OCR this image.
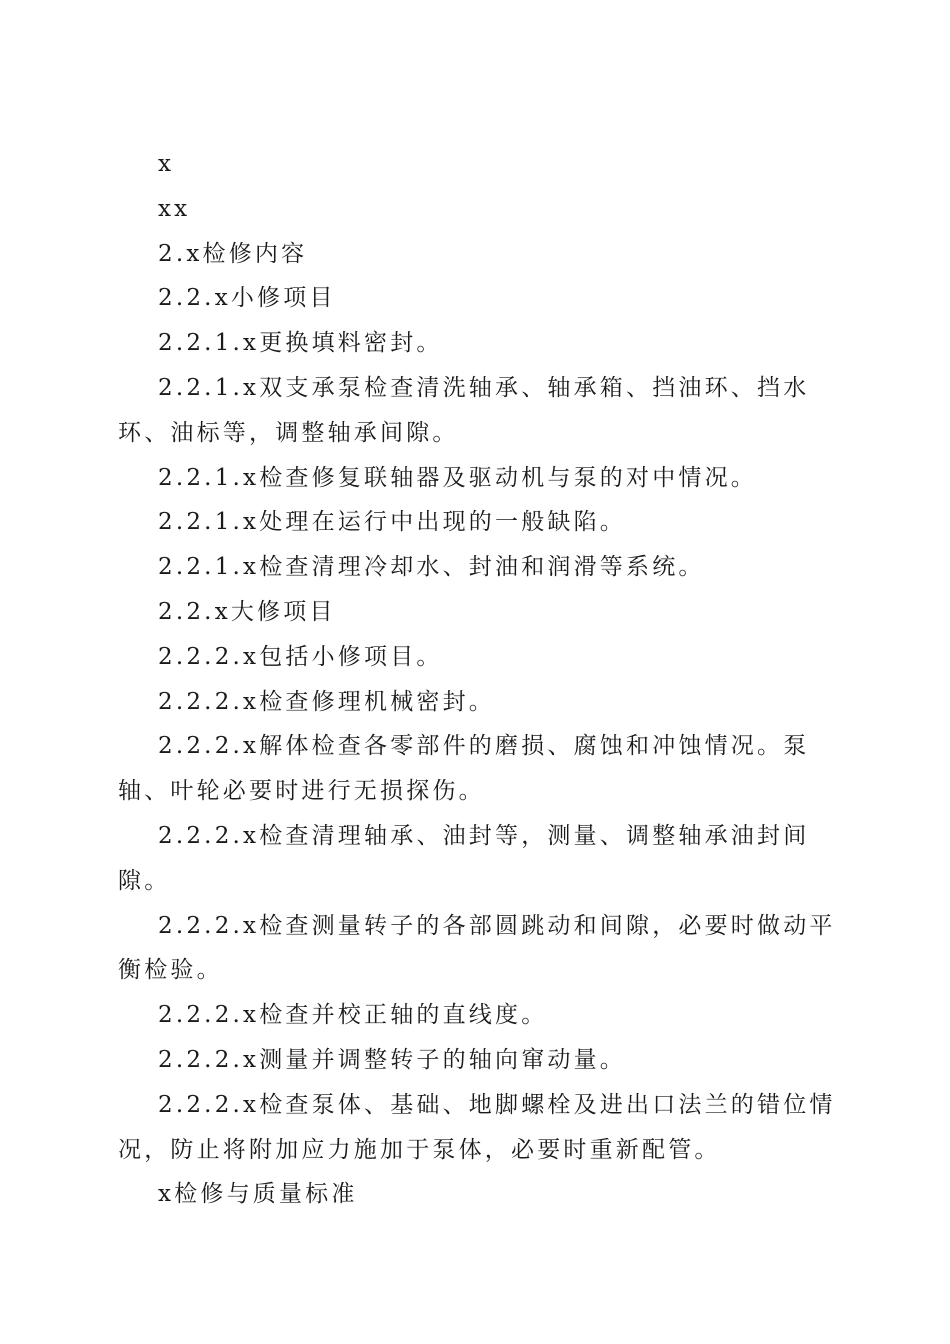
x

xx

2.x检修内容

2.2.x小修项目

2.2.1.x更换填料密封。

2.2.1.x双支承泵检查清洗轴承、轴承箱、挡油环、挡水环、油标等，调整轴承间隙。

2.2.1.x检查修复联轴器及驱动机与泵的对中情况。

2.2.1.x处理在运行中出现的一般缺陷。

2.2.1.x检查清理冷却水、封油和润滑等系统。

2.2.x大修项目

2.2.2.x包括小修项目。

2.2.2.x检查修理机械密封。

2.2.2.x解体检查各零部件的磨损、腐蚀和冲蚀情况。泵轴、叶轮必要时进行无损探伤。

2.2.2.x检查清理轴承、油封等，测量、调整轴承油封间隙。

2.2.2.x检查测量转子的各部圆跳动和间隙，必要时做动平衡检验。

2.2.2.x检查并校正轴的直线度。

2.2.2.x测量并调整转子的轴向窜动量。

2.2.2.x检查泵体、基础、地脚螺栓及进出口法兰的错位情况，防止将附加应力施加于泵体，必要时重新配管。

x检修与质量标准
